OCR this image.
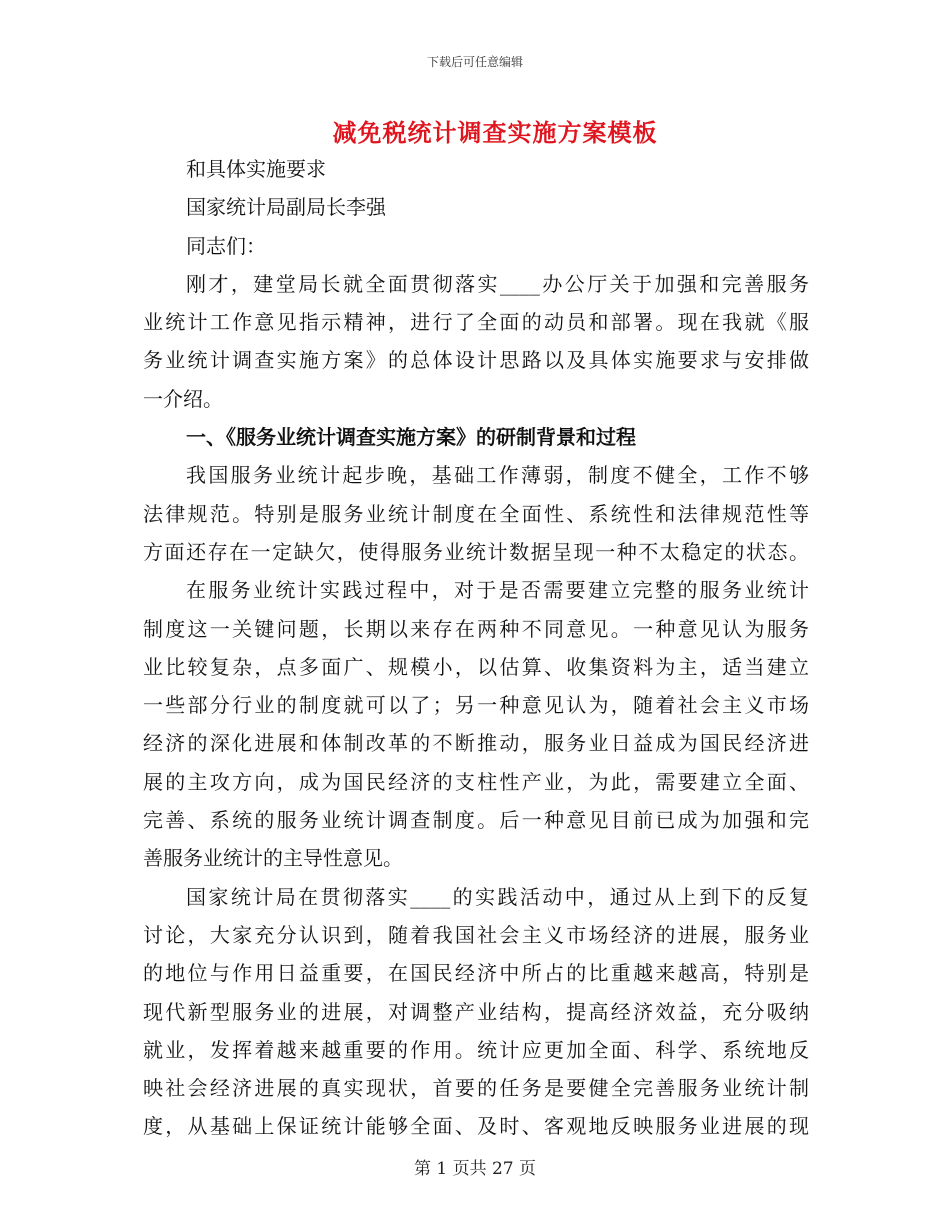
下载后可任意编辑
减免税统计调查实施方案模板
和具体实施要求
国家统计局副局长李强
同志们：
刚才，建堂局长就全面贯彻落实____办公厅关于加强和完善服务
业统计工作意见指示精神，进行了全面的动员和部署。现在我就《服
务业统计调查实施方案》的总体设计思路以及具体实施要求与安排做
一介绍。
一、《服务业统计调查实施方案》的研制背景和过程
我国服务业统计起步晚，基础工作薄弱，制度不健全，工作不够
法律规范。特别是服务业统计制度在全面性、系统性和法律规范性等
方面还存在一定缺欠，使得服务业统计数据呈现一种不太稳定的状态。
在服务业统计实践过程中，对于是否需要建立完整的服务业统计
制度这一关键问题，长期以来存在两种不同意见。一种意见认为服务
业比较复杂，点多面广、规模小，以估算、收集资料为主，适当建立
一些部分行业的制度就可以了；另一种意见认为，随着社会主义市场
经济的深化进展和体制改革的不断推动，服务业日益成为国民经济进
展的主攻方向，成为国民经济的支柱性产业，为此，需要建立全面、
完善、系统的服务业统计调查制度。后一种意见目前已成为加强和完
善服务业统计的主导性意见。
国家统计局在贯彻落实____的实践活动中，通过从上到下的反复
讨论，大家充分认识到，随着我国社会主义市场经济的进展，服务业
的地位与作用日益重要，在国民经济中所占的比重越来越高，特别是
现代新型服务业的进展，对调整产业结构，提高经济效益，充分吸纳
就业，发挥着越来越重要的作用。统计应更加全面、科学、系统地反
映社会经济进展的真实现状，首要的任务是要健全完善服务业统计制
度，从基础上保证统计能够全面、及时、客观地反映服务业进展的现
第 1 页共 27 页
